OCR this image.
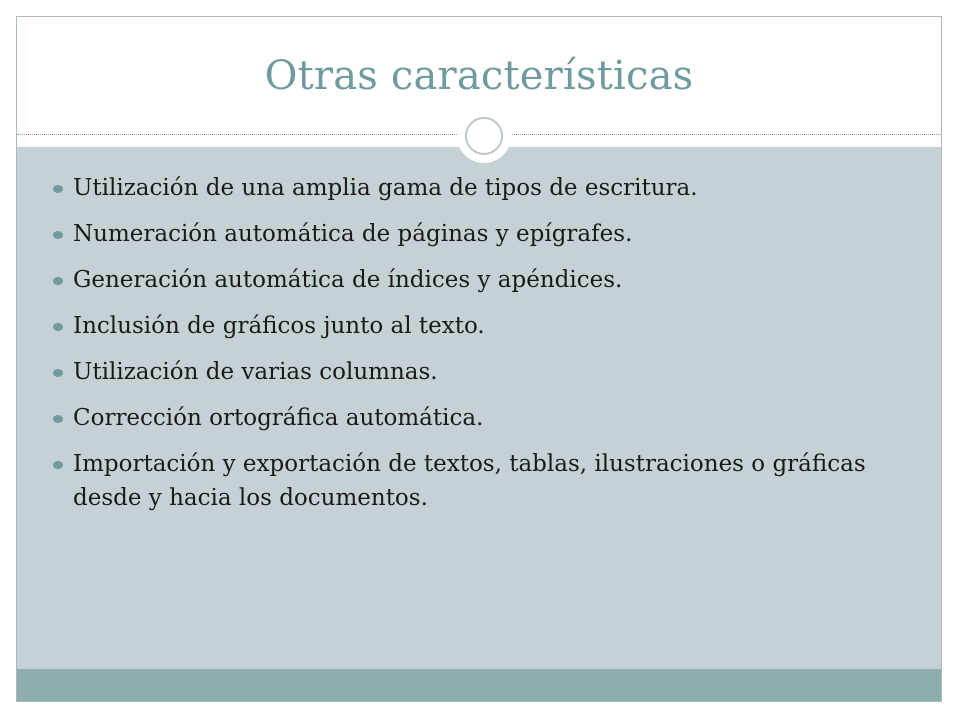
Otras características
Utilización de una amplia gama de tipos de escritura.
Numeración automática de páginas y epígrafes.
Generación automática de índices y apéndices.
Inclusión de gráficos junto al texto.
Utilización de varias columnas.
Corrección ortográfica automática.
Importación y exportación de textos, tablas, ilustraciones o gráficas desde y hacia los documentos.
